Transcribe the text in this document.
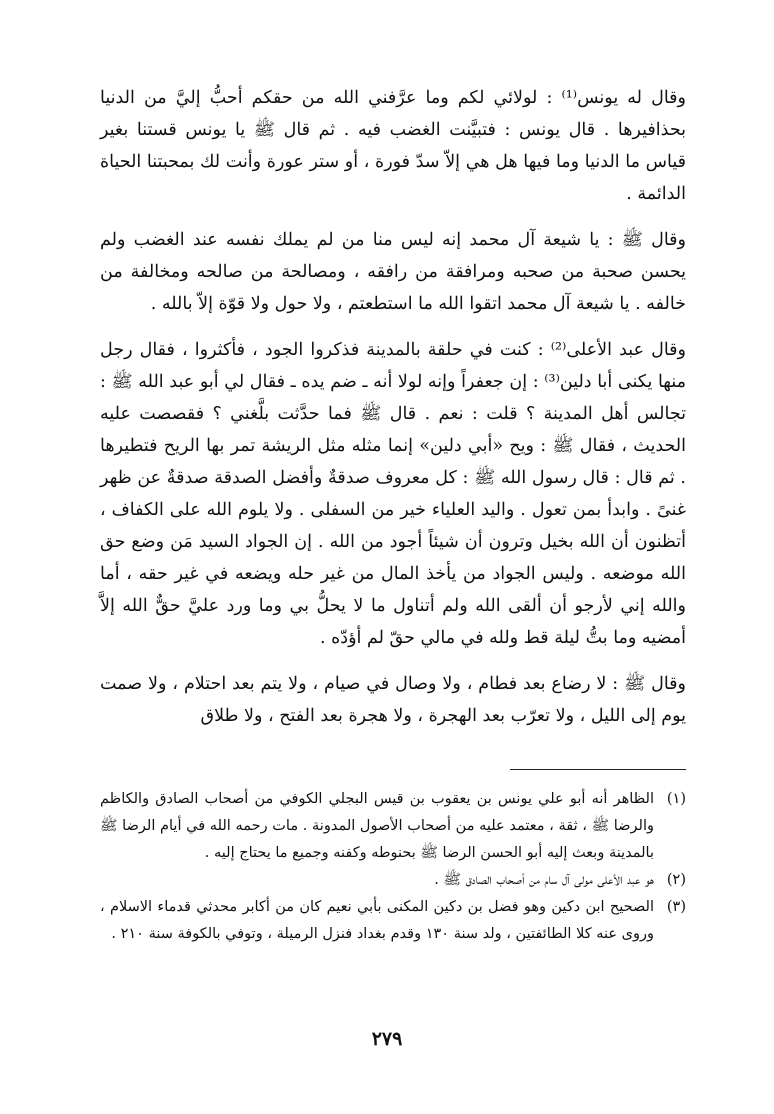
وقال له يونس⁽¹⁾ : لولائي لكم وما عرَّفني الله من حقكم أحبُّ إليَّ من الدنيا بحذافيرها . قال يونس : فتبيَّنت الغضب فيه . ثم قال ﷺ يا يونس قستنا بغير قياس ما الدنيا وما فيها هل هي إلاّ سدّ فورة ، أو ستر عورة وأنت لك بمحبتنا الحياة الدائمة .

وقال ﷺ : يا شيعة آل محمد إنه ليس منا من لم يملك نفسه عند الغضب ولم يحسن صحبة من صحبه ومرافقة من رافقه ، ومصالحة من صالحه ومخالفة من خالفه . يا شيعة آل محمد اتقوا الله ما استطعتم ، ولا حول ولا قوّة إلاّ بالله .

وقال عبد الأعلى⁽²⁾ : كنت في حلقة بالمدينة فذكروا الجود ، فأكثروا ، فقال رجل منها يكنى أبا دلين⁽³⁾ : إن جعفراً وإنه لولا أنه ـ ضم يده ـ فقال لي أبو عبد الله ﷺ : تجالس أهل المدينة ؟ قلت : نعم . قال ﷺ فما حدَّثت بلَّغني ؟ فقصصت عليه الحديث ، فقال ﷺ : ويح «أبي دلين» إنما مثله مثل الريشة تمر بها الريح فتطيرها . ثم قال : قال رسول الله ﷺ : كل معروف صدقةٌ وأفضل الصدقة صدقةٌ عن ظهر غنىً . وابدأ بمن تعول . واليد العلياء خير من السفلى . ولا يلوم الله على الكفاف ، أتظنون أن الله بخيل وترون أن شيئاً أجود من الله . إن الجواد السيد مَن وضع حق الله موضعه . وليس الجواد من يأخذ المال من غير حله ويضعه في غير حقه ، أما والله إني لأرجو أن ألقى الله ولم أتناول ما لا يحلُّ بي وما ورد عليَّ حقٌّ الله إلاَّ أمضيه وما بتُّ ليلة قط ولله في مالي حقّ لم أؤدّه .

وقال ﷺ : لا رضاع بعد فطام ، ولا وصال في صيام ، ولا يتم بعد احتلام ، ولا صمت يوم إلى الليل ، ولا تعرّب بعد الهجرة ، ولا هجرة بعد الفتح ، ولا طلاق

(١)
الظاهر أنه أبو علي يونس بن يعقوب بن قيس البجلي الكوفي من أصحاب الصادق والكاظم والرضا ﷺ ، ثقة ، معتمد عليه من أصحاب الأصول المدونة . مات رحمه الله في أيام الرضا ﷺ بالمدينة وبعث إليه أبو الحسن الرضا ﷺ بحنوطه وكفنه وجميع ما يحتاج إليه .
(٢)
هو عبد الأعلى مولى آل سام من أصحاب الصادق ﷺ .
(٣)
الصحيح ابن دكين وهو فضل بن دكين المكنى بأبي نعيم كان من أكابر محدثي قدماء الاسلام ، وروى عنه كلا الطائفتين ، ولد سنة ١٣٠ وقدم بغداد فنزل الرميلة ، وتوفي بالكوفة سنة ٢١٠ .
٢٧٩
